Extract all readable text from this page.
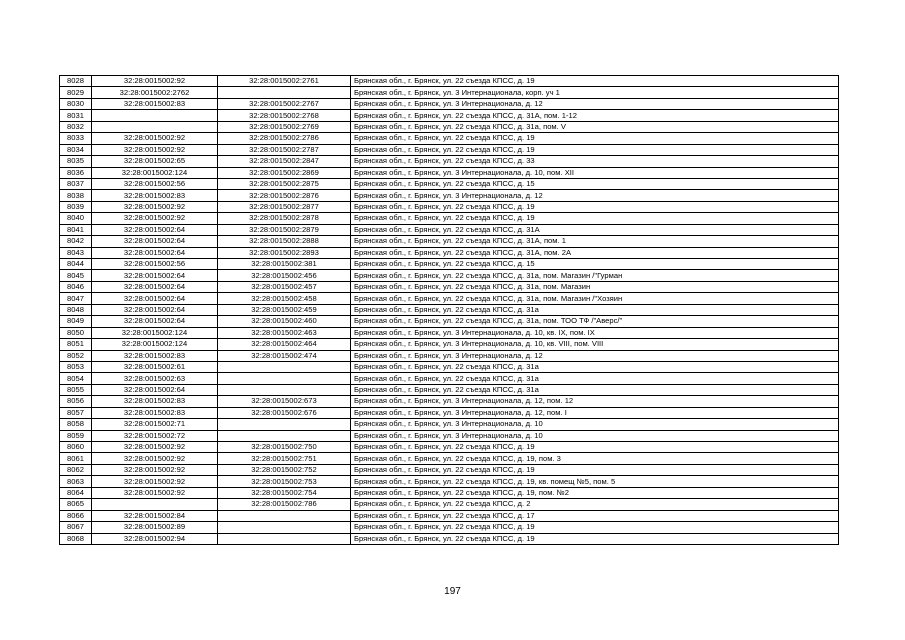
8028	32:28:0015002:92	32:28:0015002:2761	Брянская обл., г. Брянск, ул. 22 съезда КПСС, д. 19
8029	32:28:0015002:2762		Брянская обл., г. Брянск, ул. 3 Интернационала, корп. уч 1
8030	32:28:0015002:83	32:28:0015002:2767	Брянская обл., г. Брянск, ул. 3 Интернационала, д. 12
8031		32:28:0015002:2768	Брянская обл., г. Брянск, ул. 22 съезда КПСС, д. 31А, пом. 1-12
8032		32:28:0015002:2769	Брянская обл., г. Брянск, ул. 22 съезда КПСС, д. 31а, пом. V
8033	32:28:0015002:92	32:28:0015002:2786	Брянская обл., г. Брянск, ул. 22 съезда КПСС, д. 19
8034	32:28:0015002:92	32:28:0015002:2787	Брянская обл., г. Брянск, ул. 22 съезда КПСС, д. 19
8035	32:28:0015002:65	32:28:0015002:2847	Брянская обл., г. Брянск, ул. 22 съезда КПСС, д. 33
8036	32:28:0015002:124	32:28:0015002:2869	Брянская обл., г. Брянск, ул. 3 Интернационала, д. 10, пом. XII
8037	32:28:0015002:56	32:28:0015002:2875	Брянская обл., г. Брянск, ул. 22 съезда КПСС, д. 15
8038	32:28:0015002:83	32:28:0015002:2876	Брянская обл., г. Брянск, ул. 3 Интернационала, д. 12
8039	32:28:0015002:92	32:28:0015002:2877	Брянская обл., г. Брянск, ул. 22 съезда КПСС, д. 19
8040	32:28:0015002:92	32:28:0015002:2878	Брянская обл., г. Брянск, ул. 22 съезда КПСС, д. 19
8041	32:28:0015002:64	32:28:0015002:2879	Брянская обл., г. Брянск, ул. 22 съезда КПСС, д. 31А
8042	32:28:0015002:64	32:28:0015002:2888	Брянская обл., г. Брянск, ул. 22 съезда КПСС, д. 31А, пом. 1
8043	32:28:0015002:64	32:28:0015002:2893	Брянская обл., г. Брянск, ул. 22 съезда КПСС, д. 31А, пом. 2А
8044	32:28:0015002:56	32:28:0015002:381	Брянская обл., г. Брянск, ул. 22 съезда КПСС, д. 15
8045	32:28:0015002:64	32:28:0015002:456	Брянская обл., г. Брянск, ул. 22 съезда КПСС, д. 31а, пом. Магазин /"Гурман
8046	32:28:0015002:64	32:28:0015002:457	Брянская обл., г. Брянск, ул. 22 съезда КПСС, д. 31а, пом. Магазин
8047	32:28:0015002:64	32:28:0015002:458	Брянская обл., г. Брянск, ул. 22 съезда КПСС, д. 31а, пом. Магазин /"Хозяин
8048	32:28:0015002:64	32:28:0015002:459	Брянская обл., г. Брянск, ул. 22 съезда КПСС, д. 31а
8049	32:28:0015002:64	32:28:0015002:460	Брянская обл., г. Брянск, ул. 22 съезда КПСС, д. 31а, пом. ТОО ТФ /"Аверс/"
8050	32:28:0015002:124	32:28:0015002:463	Брянская обл., г. Брянск, ул. 3 Интернационала, д. 10, кв. IX, пом. IX
8051	32:28:0015002:124	32:28:0015002:464	Брянская обл., г. Брянск, ул. 3 Интернационала, д. 10, кв. VIII, пом. VIII
8052	32:28:0015002:83	32:28:0015002:474	Брянская обл., г. Брянск, ул. 3 Интернационала, д. 12
8053	32:28:0015002:61		Брянская обл., г. Брянск, ул. 22 съезда КПСС, д. 31а
8054	32:28:0015002:63		Брянская обл., г. Брянск, ул. 22 съезда КПСС, д. 31а
8055	32:28:0015002:64		Брянская обл., г. Брянск, ул. 22 съезда КПСС, д. 31а
8056	32:28:0015002:83	32:28:0015002:673	Брянская обл., г. Брянск, ул. 3 Интернационала, д. 12, пом. 12
8057	32:28:0015002:83	32:28:0015002:676	Брянская обл., г. Брянск, ул. 3 Интернационала, д. 12, пом. I
8058	32:28:0015002:71		Брянская обл., г. Брянск, ул. 3 Интернационала, д. 10
8059	32:28:0015002:72		Брянская обл., г. Брянск, ул. 3 Интернационала, д. 10
8060	32:28:0015002:92	32:28:0015002:750	Брянская обл., г. Брянск, ул. 22 съезда КПСС, д. 19
8061	32:28:0015002:92	32:28:0015002:751	Брянская обл., г. Брянск, ул. 22 съезда КПСС, д. 19, пом. 3
8062	32:28:0015002:92	32:28:0015002:752	Брянская обл., г. Брянск, ул. 22 съезда КПСС, д. 19
8063	32:28:0015002:92	32:28:0015002:753	Брянская обл., г. Брянск, ул. 22 съезда КПСС, д. 19, кв. помещ №5, пом. 5
8064	32:28:0015002:92	32:28:0015002:754	Брянская обл., г. Брянск, ул. 22 съезда КПСС, д. 19, пом. №2
8065		32:28:0015002:786	Брянская обл., г. Брянск, ул. 22 съезда КПСС, д. 2
8066	32:28:0015002:84		Брянская обл., г. Брянск, ул. 22 съезда КПСС, д. 17
8067	32:28:0015002:89		Брянская обл., г. Брянск, ул. 22 съезда КПСС, д. 19
8068	32:28:0015002:94		Брянская обл., г. Брянск, ул. 22 съезда КПСС, д. 19
197
